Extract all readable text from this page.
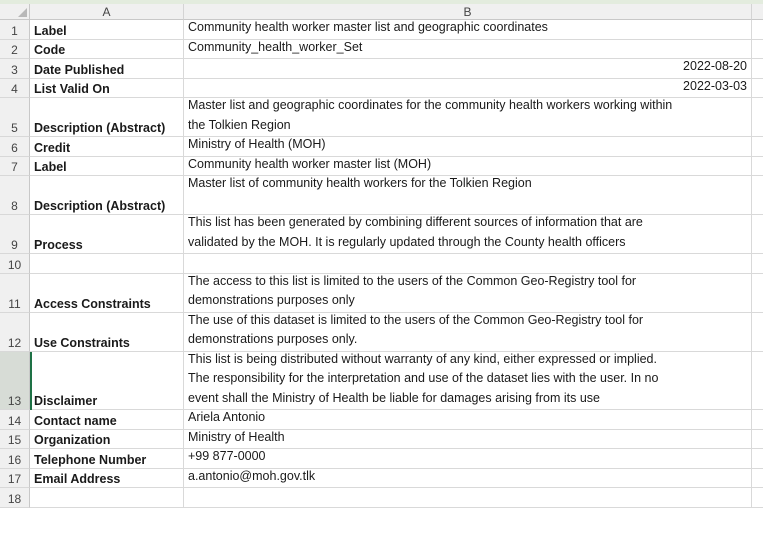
A	B
1	Label	Community health worker master list and geographic coordinates
2	Code	Community_health_worker_Set
3	Date Published	2022-08-20
4	List Valid On	2022-03-03
5	Description (Abstract)
Master list and geographic coordinates for the community health workers working within
the Tolkien Region
6	Credit	Ministry of Health (MOH)
7	Label	Community health worker master list (MOH)
8	Description (Abstract)
Master list of community health workers for the Tolkien Region

9	Process
This list has been generated by combining different sources of information that are
validated by the MOH. It is regularly updated through the County health officers
10

11	Access Constraints
The access to this list is limited to the users of the Common Geo-Registry tool for
demonstrations purposes only
12	Use Constraints
The use of this dataset is limited to the users of the Common Geo-Registry tool for
demonstrations purposes only.
13	Disclaimer
This list is being distributed without warranty of any kind, either expressed or implied.
The responsibility for the interpretation and use of the dataset lies with the user. In no
event shall the Ministry of Health be liable for damages arising from its use
14	Contact name	Ariela Antonio
15	Organization	Ministry of Health
16	Telephone Number	+99 877-0000
17	Email Address	a.antonio@moh.gov.tlk
18
